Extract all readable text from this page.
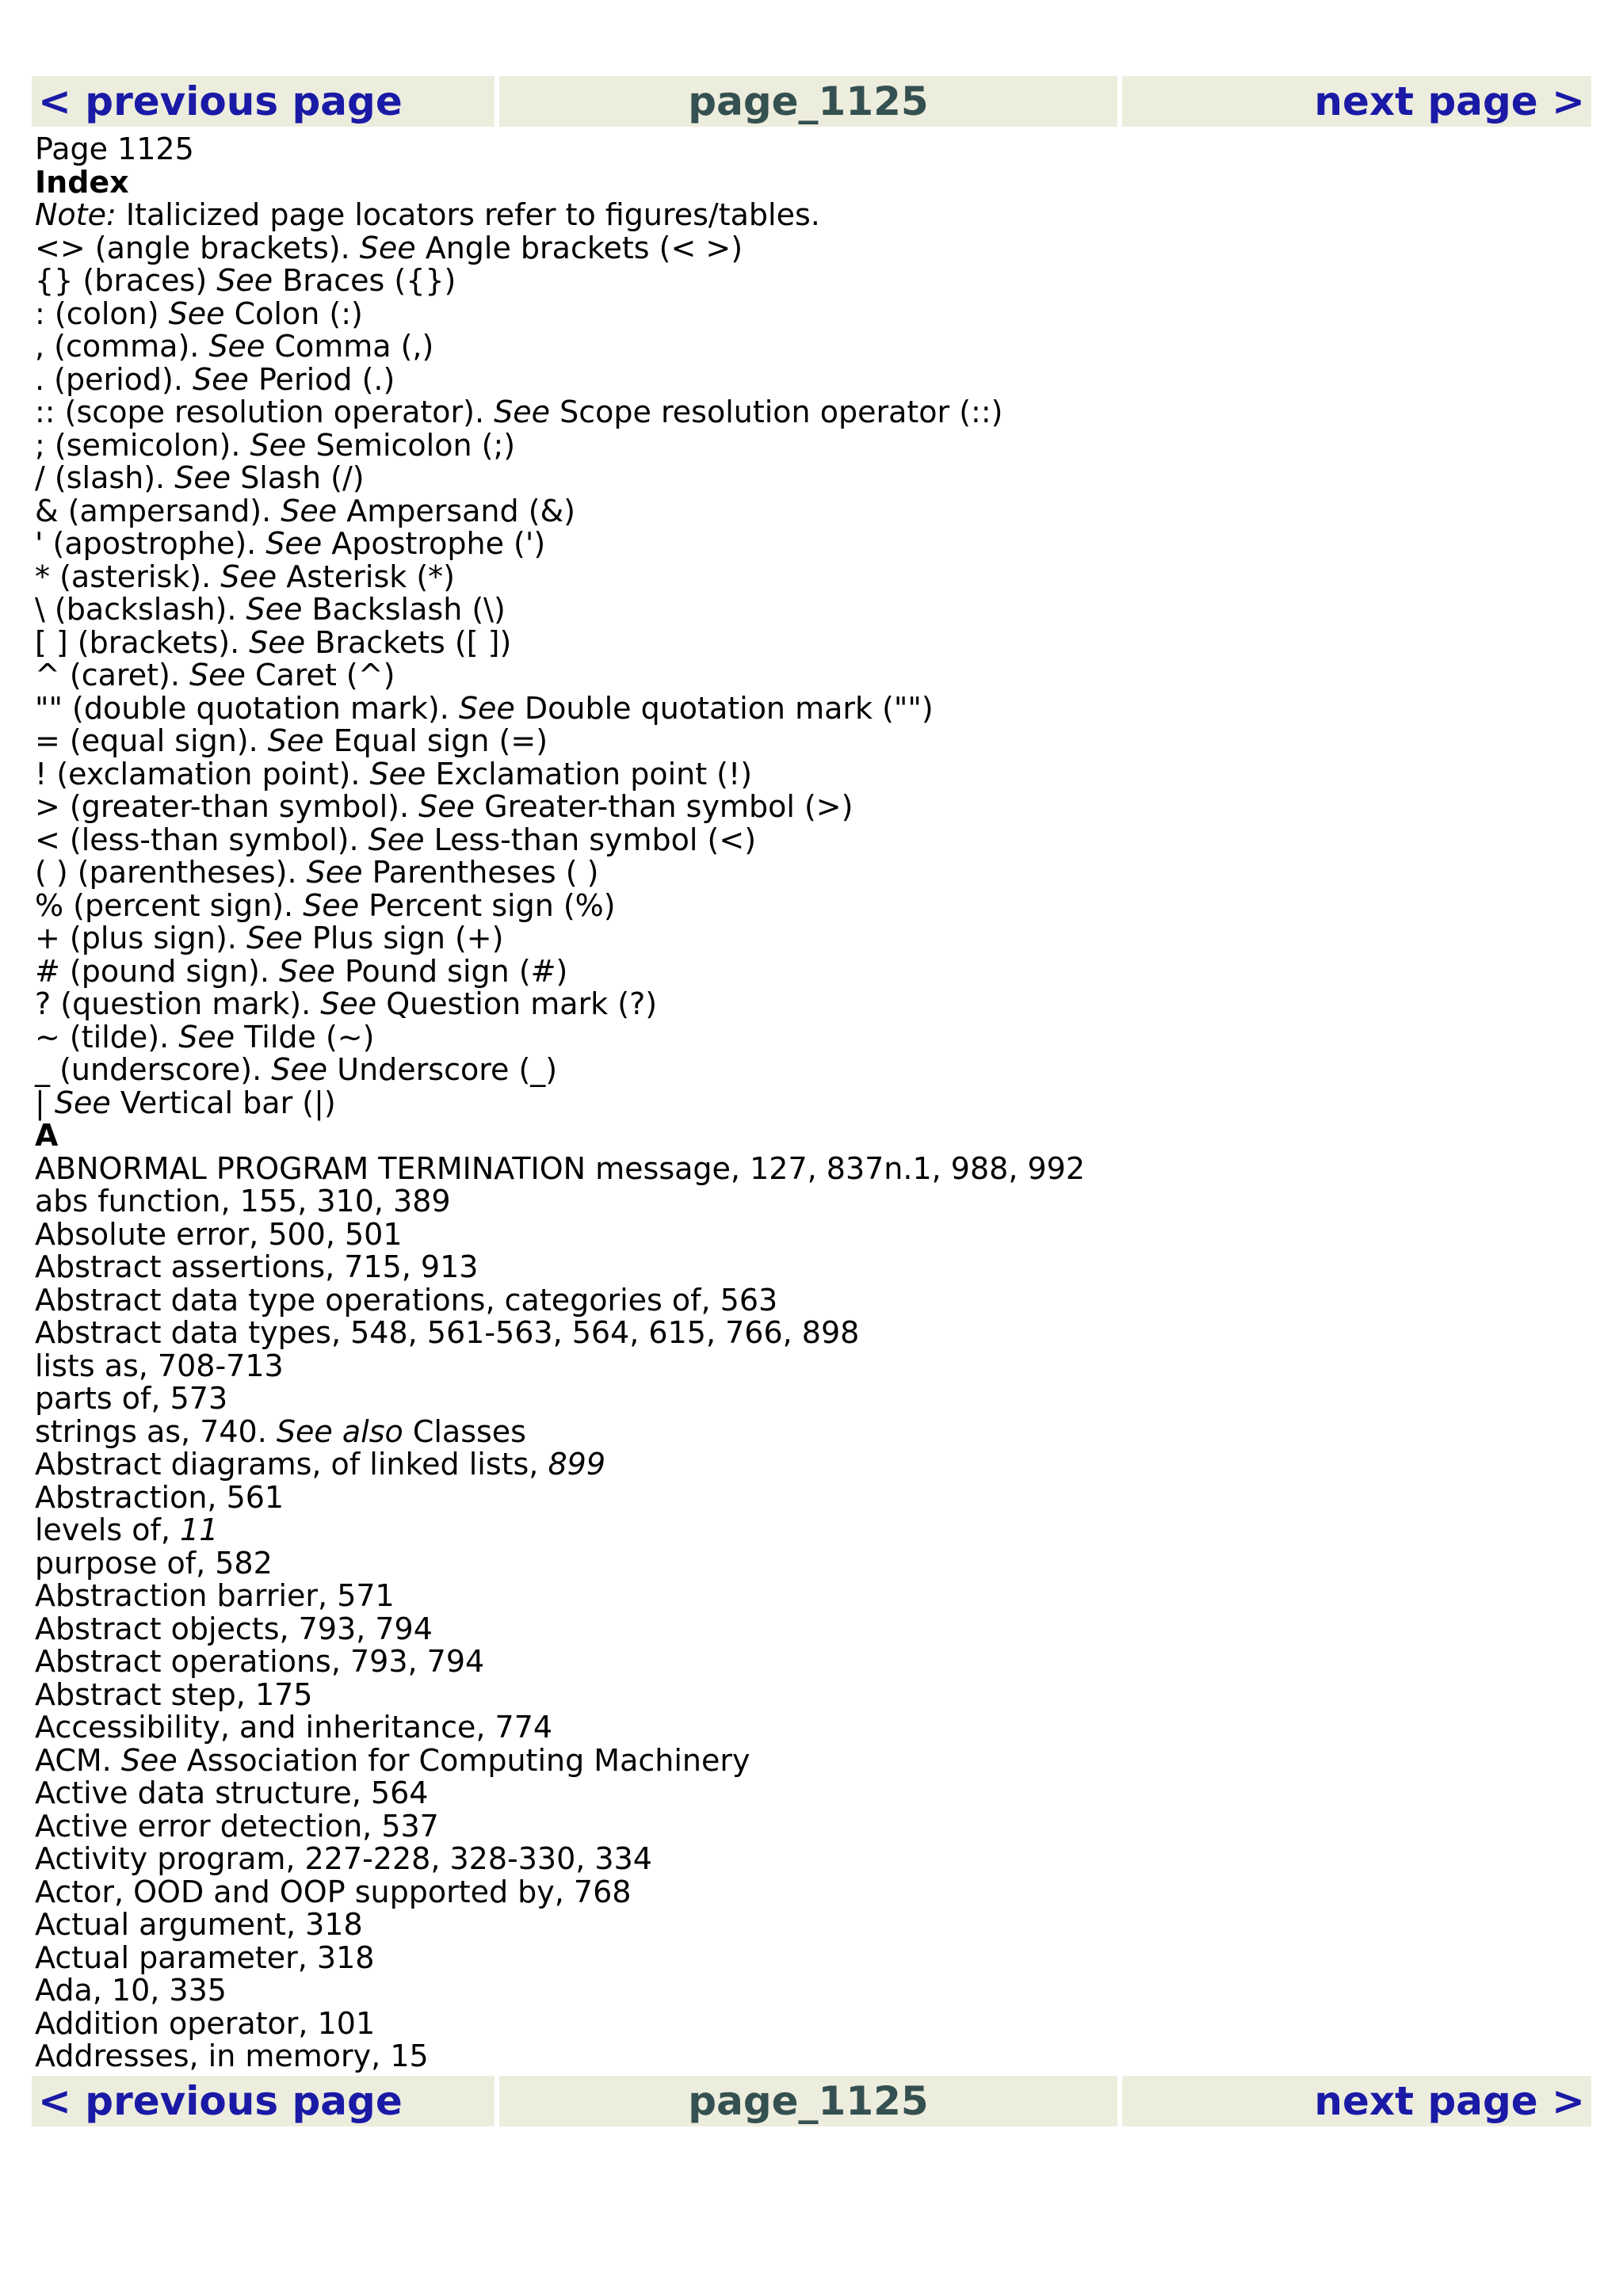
< previous page	page_1125	next page >
Page 1125
Index
Note: Italicized page locators refer to figures/tables.
<> (angle brackets). See Angle brackets (< >)
{} (braces) See Braces ({})
: (colon) See Colon (:)
, (comma). See Comma (,)
. (period). See Period (.)
:: (scope resolution operator). See Scope resolution operator (::)
; (semicolon). See Semicolon (;)
/ (slash). See Slash (/)
& (ampersand). See Ampersand (&)
' (apostrophe). See Apostrophe (')
* (asterisk). See Asterisk (*)
\ (backslash). See Backslash (\)
[ ] (brackets). See Brackets ([ ])
^ (caret). See Caret (^)
"" (double quotation mark). See Double quotation mark ("")
= (equal sign). See Equal sign (=)
! (exclamation point). See Exclamation point (!)
> (greater-than symbol). See Greater-than symbol (>)
< (less-than symbol). See Less-than symbol (<)
( ) (parentheses). See Parentheses ( )
% (percent sign). See Percent sign (%)
+ (plus sign). See Plus sign (+)
# (pound sign). See Pound sign (#)
? (question mark). See Question mark (?)
~ (tilde). See Tilde (~)
_ (underscore). See Underscore (_)
| See Vertical bar (|)
A
ABNORMAL PROGRAM TERMINATION message, 127, 837n.1, 988, 992
abs function, 155, 310, 389
Absolute error, 500, 501
Abstract assertions, 715, 913
Abstract data type operations, categories of, 563
Abstract data types, 548, 561-563, 564, 615, 766, 898
lists as, 708-713
parts of, 573
strings as, 740. See also Classes
Abstract diagrams, of linked lists, 899
Abstraction, 561
levels of, 11
purpose of, 582
Abstraction barrier, 571
Abstract objects, 793, 794
Abstract operations, 793, 794
Abstract step, 175
Accessibility, and inheritance, 774
ACM. See Association for Computing Machinery
Active data structure, 564
Active error detection, 537
Activity program, 227-228, 328-330, 334
Actor, OOD and OOP supported by, 768
Actual argument, 318
Actual parameter, 318
Ada, 10, 335
Addition operator, 101
Addresses, in memory, 15
< previous page	page_1125	next page >
